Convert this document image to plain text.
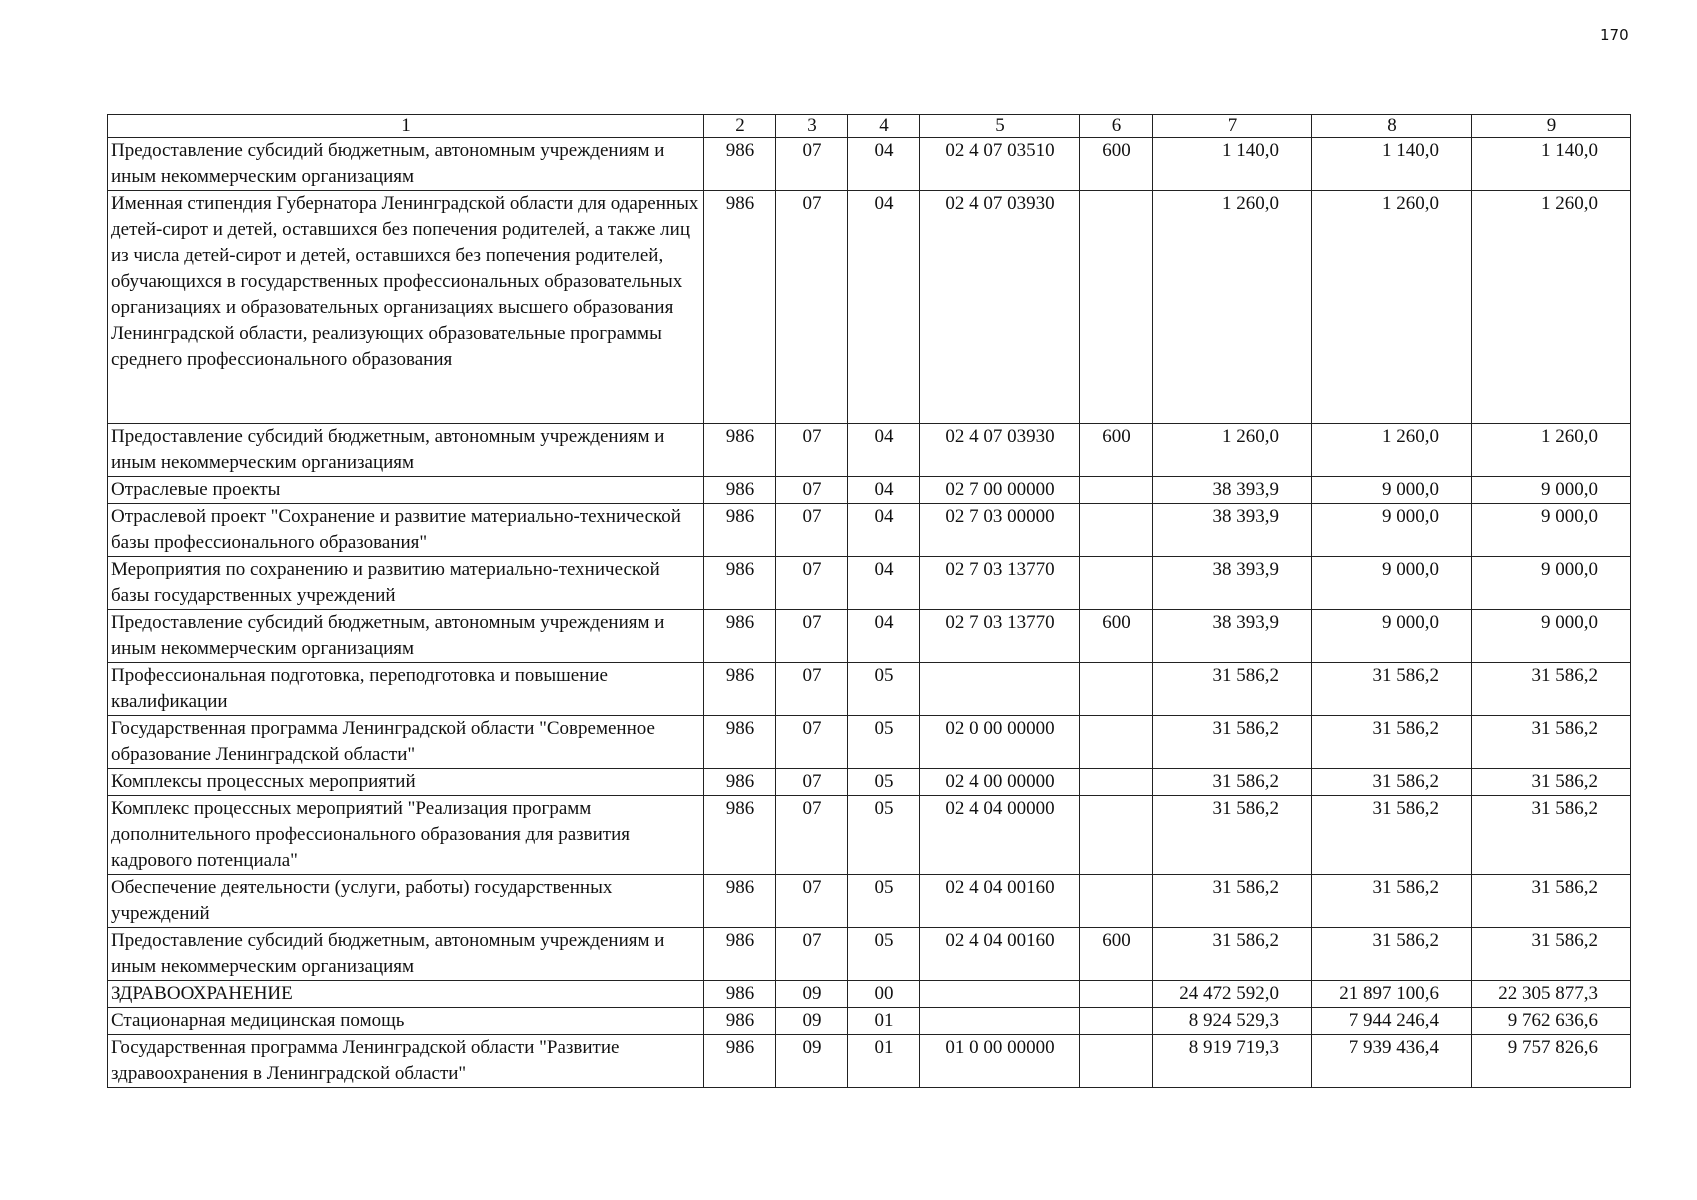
170
1	2	3	4	5	6	7	8	9
Предоставление субсидий бюджетным, автономным учреждениям и иным некоммерческим организациям	986	07	04	02 4 07 03510	600	1 140,0	1 140,0	1 140,0
Именная стипендия Губернатора Ленинградской области для одаренных детей-сирот и детей, оставшихся без попечения родителей, а также лиц из числа детей-сирот и детей, оставшихся без попечения родителей, обучающихся в государственных профессиональных образовательных организациях и образовательных организациях высшего образования Ленинградской области, реализующих образовательные программы среднего профессионального образования	986	07	04	02 4 07 03930		1 260,0	1 260,0	1 260,0
Предоставление субсидий бюджетным, автономным учреждениям и иным некоммерческим организациям	986	07	04	02 4 07 03930	600	1 260,0	1 260,0	1 260,0
Отраслевые проекты	986	07	04	02 7 00 00000		38 393,9	9 000,0	9 000,0
Отраслевой проект "Сохранение и развитие материально-технической базы профессионального образования"	986	07	04	02 7 03 00000		38 393,9	9 000,0	9 000,0
Мероприятия по сохранению и развитию материально-технической базы государственных учреждений	986	07	04	02 7 03 13770		38 393,9	9 000,0	9 000,0
Предоставление субсидий бюджетным, автономным учреждениям и иным некоммерческим организациям	986	07	04	02 7 03 13770	600	38 393,9	9 000,0	9 000,0
Профессиональная подготовка, переподготовка и повышение квалификации	986	07	05			31 586,2	31 586,2	31 586,2
Государственная программа Ленинградской области "Современное образование Ленинградской области"	986	07	05	02 0 00 00000		31 586,2	31 586,2	31 586,2
Комплексы процессных мероприятий	986	07	05	02 4 00 00000		31 586,2	31 586,2	31 586,2
Комплекс процессных мероприятий "Реализация программ дополнительного профессионального образования для развития кадрового потенциала"	986	07	05	02 4 04 00000		31 586,2	31 586,2	31 586,2
Обеспечение деятельности (услуги, работы) государственных учреждений	986	07	05	02 4 04 00160		31 586,2	31 586,2	31 586,2
Предоставление субсидий бюджетным, автономным учреждениям и иным некоммерческим организациям	986	07	05	02 4 04 00160	600	31 586,2	31 586,2	31 586,2
ЗДРАВООХРАНЕНИЕ	986	09	00			24 472 592,0	21 897 100,6	22 305 877,3
Стационарная медицинская помощь	986	09	01			8 924 529,3	7 944 246,4	9 762 636,6
Государственная программа Ленинградской области "Развитие здравоохранения в Ленинградской области"	986	09	01	01 0 00 00000		8 919 719,3	7 939 436,4	9 757 826,6
